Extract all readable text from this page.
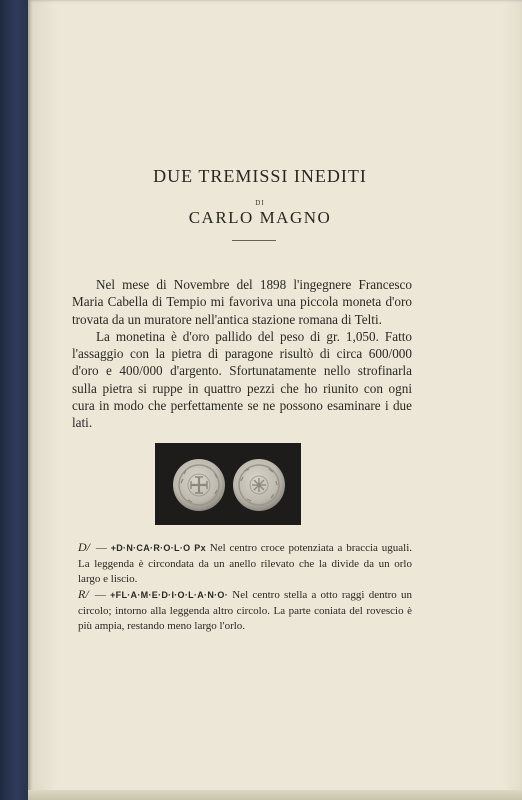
DUE TREMISSI INEDITI
DI
CARLO MAGNO

Nel mese di Novembre del 1898 l'ingegnere Francesco Maria Cabella di Tempio mi favoriva una piccola moneta d'oro trovata da un muratore nell'antica stazione romana di Telti.

La monetina è d'oro pallido del peso di gr. 1,050. Fatto l'assaggio con la pietra di paragone risultò di circa 600/000 d'oro e 400/000 d'argento. Sfortunatamente nello strofinarla sulla pietra si ruppe in quattro pezzi che ho riunito con ogni cura in modo che perfettamente se ne possono esaminare i due lati.

D/ — +D·N·CA·R·O·L·O Px Nel centro croce potenziata a braccia uguali. La leggenda è circondata da un anello rilevato che la divide da un orlo largo e liscio.

R/ — +FL·A·M·E·D·I·O·L·A·N·O· Nel centro stella a otto raggi dentro un circolo; intorno alla leggenda altro circolo. La parte coniata del rovescio è più ampia, restando meno largo l'orlo.
